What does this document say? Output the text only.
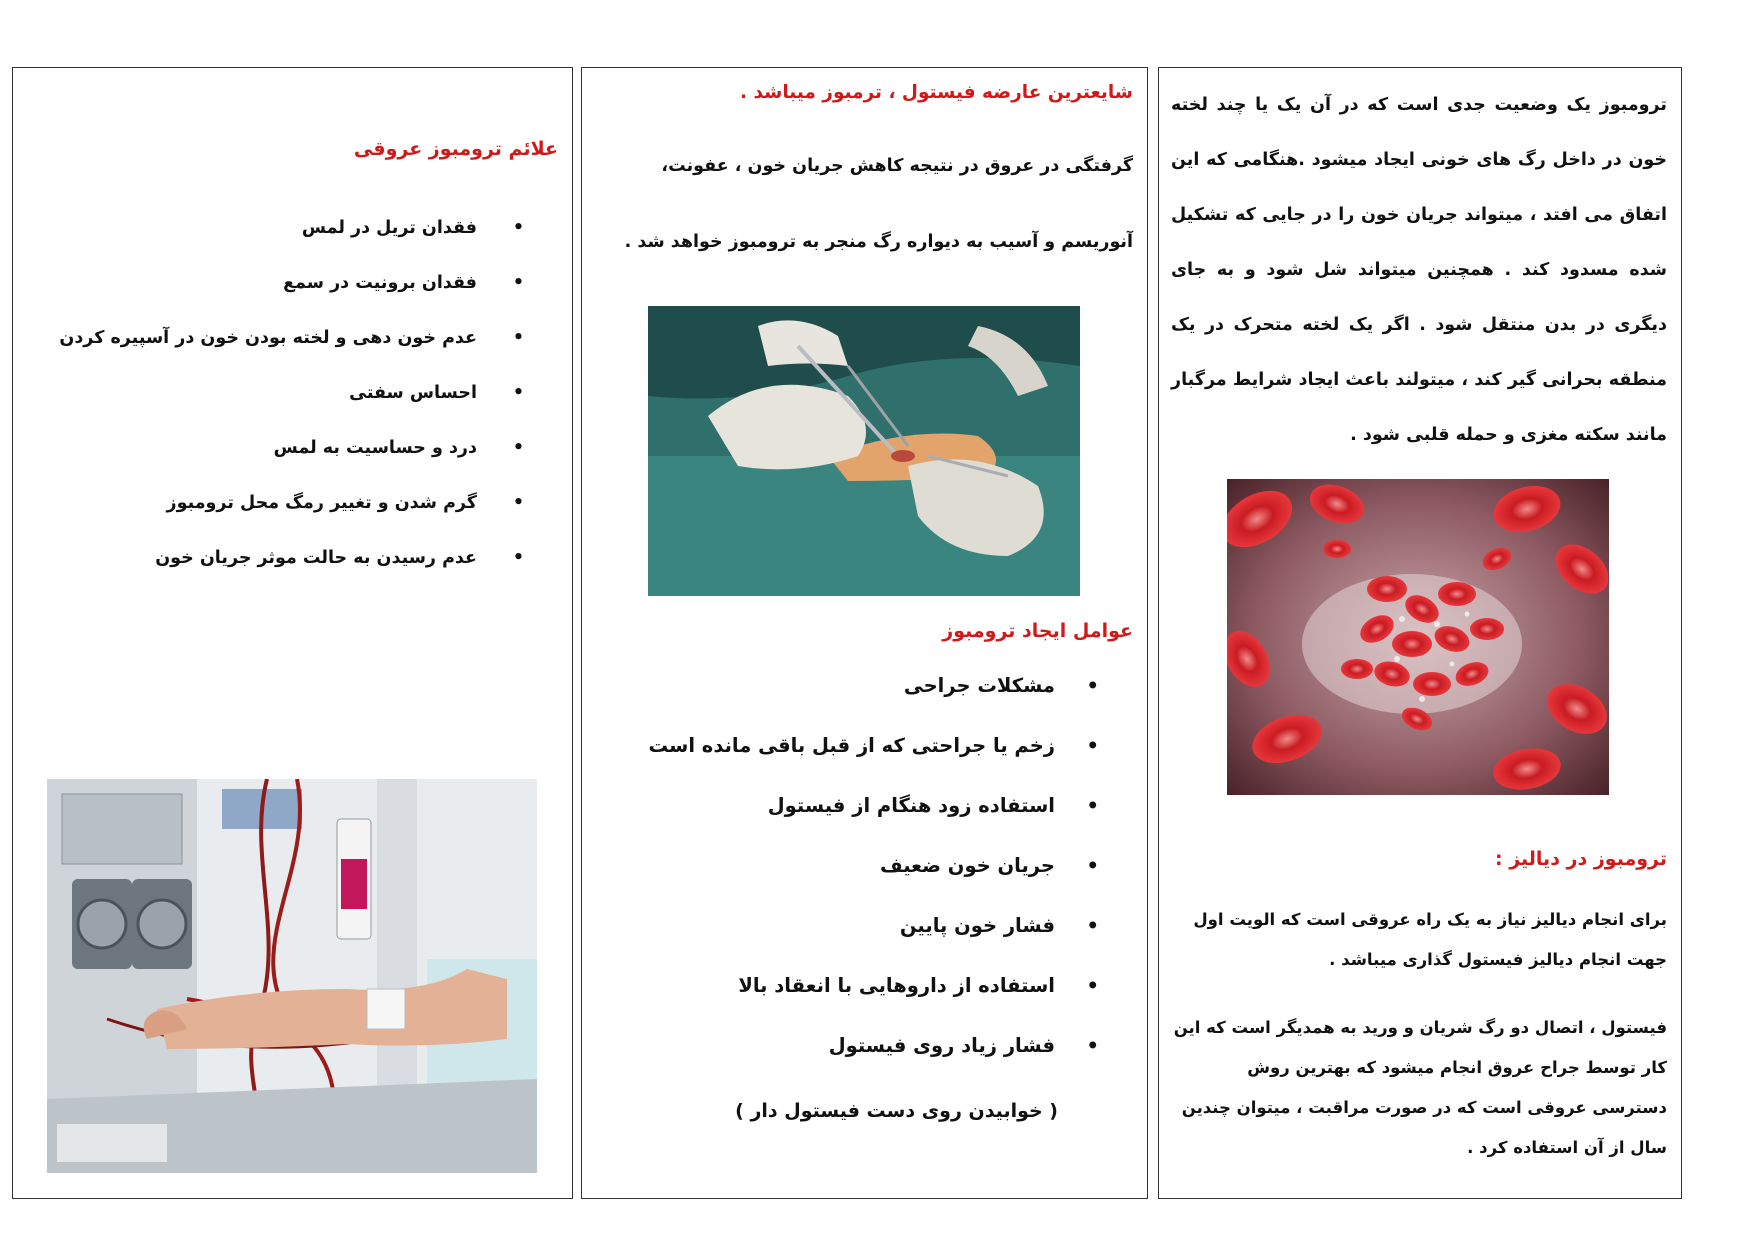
ترومبوز یک وضعیت جدی است که در آن یک یا چند لخته خون در داخل رگ های خونی ایجاد میشود .هنگامی که این اتفاق می افتد ، میتواند جریان خون را در جایی که تشکیل شده مسدود کند . همچنین میتواند شل شود و به جای دیگری در بدن منتقل شود . اگر یک لخته متحرک در یک منطقه بحرانی گیر کند ، میتولند باعث ایجاد شرایط مرگبار مانند سکته مغزی و حمله قلبی شود .

ترومبوز در دیالیز :

برای انجام دیالیز نیاز به یک راه عروقی است که الویت اول جهت انجام دیالیز فیستول گذاری میباشد .

فیستول ، اتصال دو رگ شریان و ورید به همدیگر است که این کار توسط جراح عروق انجام میشود که بهترین روش دسترسی عروقی است که در صورت مراقبت ، میتوان چندین سال از آن استفاده کرد .

شایعترین عارضه فیستول ، ترمبوز میباشد .

گرفتگی در عروق در نتیجه کاهش جریان خون ، عفونت، آنوریسم و آسیب به دیواره رگ منجر به ترومبوز خواهد شد .

عوامل ایجاد ترومبوز
•
مشکلات جراحی
•
زخم یا جراحتی که از قبل باقی مانده است
•
استفاده زود هنگام از فیستول
•
جریان خون ضعیف
•
فشار خون پایین
•
استفاده از داروهایی با انعقاد بالا
•
فشار زیاد روی فیستول
( خوابیدن روی دست فیستول دار )
علائم ترومبوز عروقی
•
فقدان تریل در لمس
•
فقدان برونیت در سمع
•
عدم خون دهی و لخته بودن خون در آسپیره کردن
•
احساس سفتی
•
درد و حساسیت به لمس
•
گرم شدن و تغییر رمگ محل ترومبوز
•
عدم رسیدن به حالت موثر جریان خون
